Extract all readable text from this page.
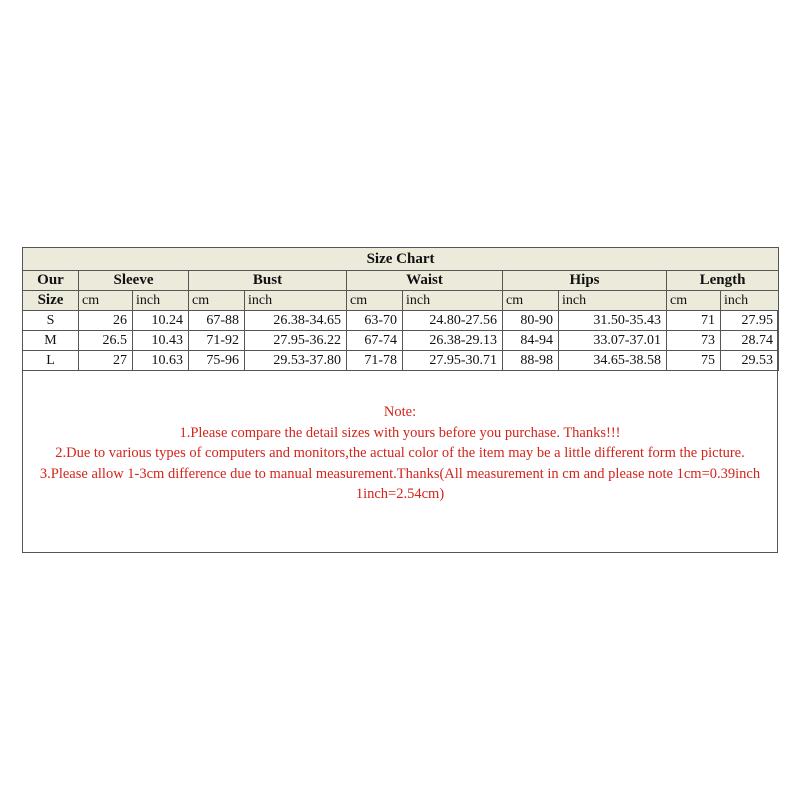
Size Chart										
Our	Sleeve		Bust		Waist		Hips		Length	
Size	cm	inch	cm	inch	cm	inch	cm	inch	cm	inch
S	26	10.24	67-88	26.38-34.65	63-70	24.80-27.56	80-90	31.50-35.43	71	27.95
M	26.5	10.43	71-92	27.95-36.22	67-74	26.38-29.13	84-94	33.07-37.01	73	28.74
L	27	10.63	75-96	29.53-37.80	71-78	27.95-30.71	88-98	34.65-38.58	75	29.53
Note:
1.Please compare the detail sizes with yours before you purchase. Thanks!!!
2.Due to various types of computers and monitors,the actual color of the item may be a little different form the picture.
3.Please allow 1-3cm difference due to manual measurement.Thanks(All measurement in cm and please note 1cm=0.39inch 1inch=2.54cm)
